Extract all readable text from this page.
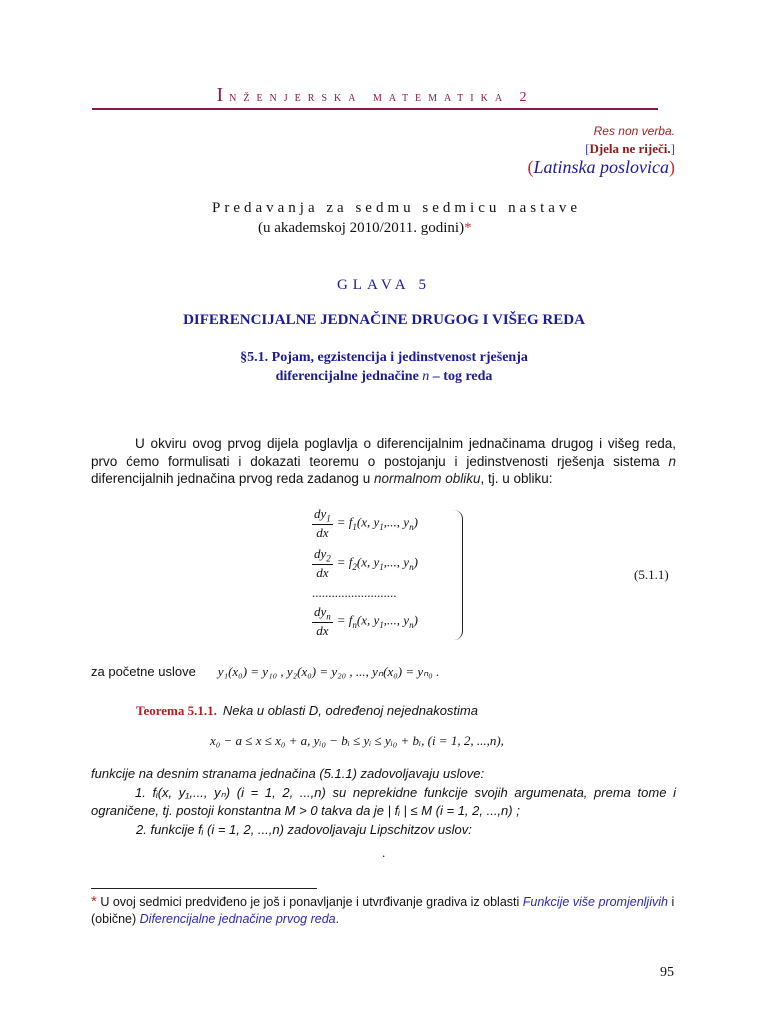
Inženjerska matematika 2
Res non verba.
[Djela ne riječi.]
(Latinska poslovica)
Predavanja za sedmu sedmicu nastave
(u akademskoj 2010/2011. godini)*
GLAVA 5
DIFERENCIJALNE JEDNAČINE DRUGOG I VIŠEG REDA
§5.1. Pojam, egzistencija i jedinstvenost rješenja
diferencijalne jednačine n – tog reda
U okviru ovog prvog dijela poglavlja o diferencijalnim jednačinama drugog i višeg reda, prvo ćemo formulisati i dokazati teoremu o postojanju i jedinstvenosti rješenja sistema n diferencijalnih jednačina prvog reda zadanog u normalnom obliku, tj. u obliku:
$\frac{dy_1}{dx} = f_1(x$, $y_1$,..., $y_n$)
$\frac{dy_2}{dx} = f_2(x$, $y_1$,..., $y_n$)
..........................
$\frac{dy_n}{dx} = f_n(x$, $y_1$,..., $y_n$)
(5.1.1)
za početne uslove y₁(x₀) = y₁₀ , y₂(x₀) = y₂₀ , ..., yₙ(x₀) = yₙ₀ .
Teorema 5.1.1. Neka u oblasti D, određenoj nejednakostima
x₀ − a ≤ x ≤ x₀ + a, yᵢ₀ − bᵢ ≤ yᵢ ≤ yᵢ₀ + bᵢ, (i = 1, 2, ...,n),
funkcije na desnim stranama jednačina (5.1.1) zadovoljavaju uslove:
1. fᵢ(x, y₁,..., yₙ) (i = 1, 2, ...,n) su neprekidne funkcije svojih argumenata, prema tome i ograničene, tj. postoji konstantna M > 0 takva da je | fᵢ | ≤ M (i = 1, 2, ...,n) ;
2. funkcije fᵢ (i = 1, 2, ...,n) zadovoljavaju Lipschitzov uslov:
.
* U ovoj sedmici predviđeno je još i ponavljanje i utvrđivanje gradiva iz oblasti Funkcije više promjenljivih i (obične) Diferencijalne jednačine prvog reda.
95
